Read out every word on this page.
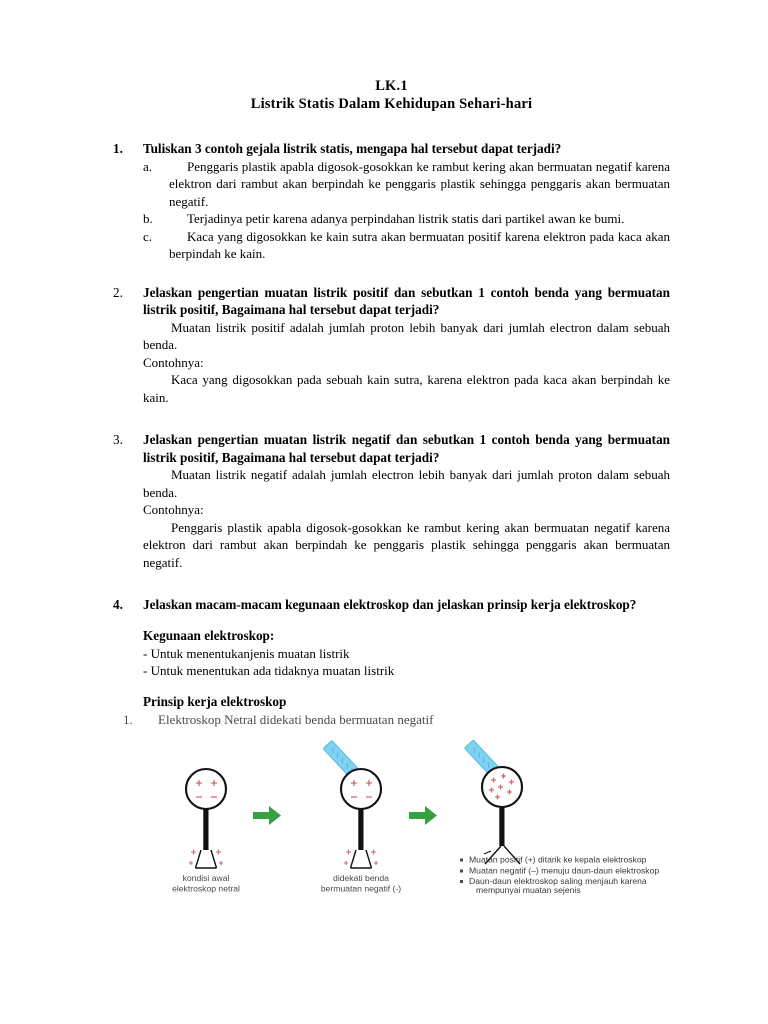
LK.1
Listrik Statis Dalam Kehidupan Sehari-hari
1.	Tuliskan 3 contoh gejala listrik statis, mengapa hal tersebut dapat terjadi?
a.	Penggaris plastik apabla digosok-gosokkan ke rambut kering akan bermuatan negatif karena elektron dari rambut akan berpindah ke penggaris plastik sehingga penggaris akan bermuatan negatif.
b.	Terjadinya petir karena adanya perpindahan listrik statis dari partikel awan ke bumi.
c.	Kaca yang digosokkan ke kain sutra akan bermuatan positif karena elektron pada kaca akan berpindah ke kain.
2.	Jelaskan pengertian muatan listrik positif dan sebutkan 1 contoh benda yang bermuatan listrik positif, Bagaimana hal tersebut dapat terjadi?
Muatan listrik positif adalah jumlah proton lebih banyak dari jumlah electron dalam sebuah benda.
Contohnya:
Kaca yang digosokkan pada sebuah kain sutra, karena elektron pada kaca akan berpindah ke kain.
3.	Jelaskan pengertian muatan listrik negatif dan sebutkan 1 contoh benda yang bermuatan listrik positif, Bagaimana hal tersebut dapat terjadi?
Muatan listrik negatif adalah jumlah electron lebih banyak dari jumlah proton dalam sebuah benda.
Contohnya:
Penggaris plastik apabla digosok-gosokkan ke rambut kering akan bermuatan negatif karena elektron dari rambut akan berpindah ke penggaris plastik sehingga penggaris akan bermuatan negatif.
4.	Jelaskan macam-macam kegunaan elektroskop dan jelaskan prinsip kerja elektroskop?
Kegunaan elektroskop:
- Untuk menentukanjenis muatan listrik
- Untuk menentukan ada tidaknya muatan listrik
Prinsip kerja elektroskop
1.	Elektroskop Netral didekati benda bermuatan negatif
kondisi awal
elektroskop netral
didekati benda
bermuatan negatif (-)
Muatan positif (+) ditarik ke kepala elektroskop
Muatan negatif (–) menuju daun-daun elektroskop
Daun-daun elektroskop saling menjauh karena
mempunyai muatan sejenis
